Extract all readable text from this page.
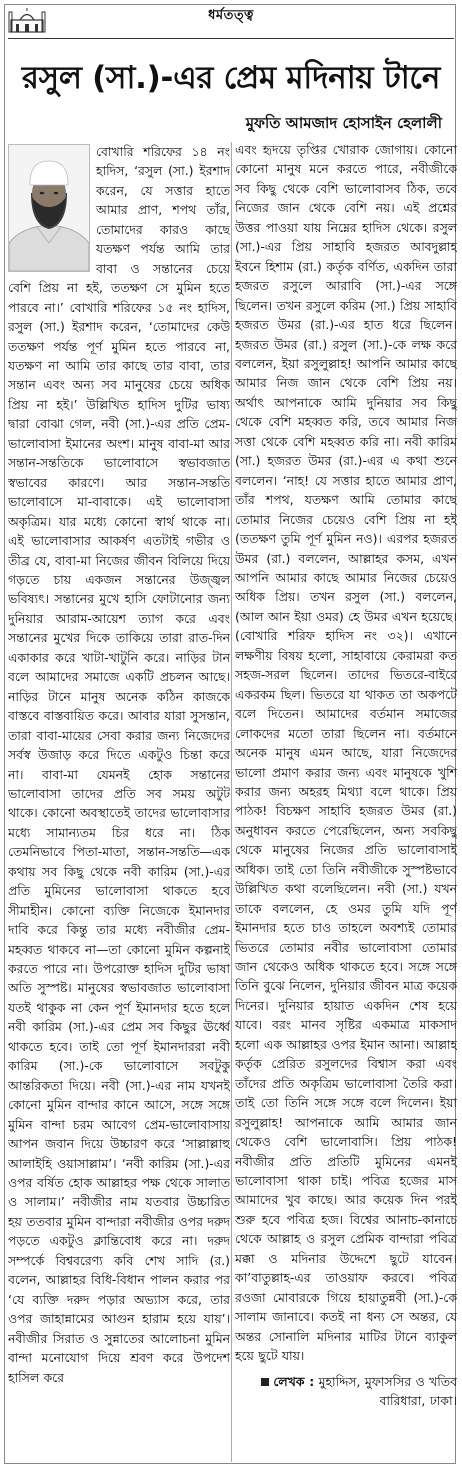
ধর্মতত্ত্ব
রসুল (সা.)-এর প্রেম মদিনায় টানে
মুফতি আমজাদ হোসাইন হেলালী

বোখারি শরিফের ১৪ নং হাদিস, ‘রসুল (সা.) ইরশাদ করেন, যে সত্তার হাতে আমার প্রাণ, শপথ তাঁর, তোমাদের কারও কাছে যতক্ষণ পর্যন্ত আমি তার বাবা ও সন্তানের চেয়ে বেশি প্রিয় না হই, ততক্ষণ সে মুমিন হতে পারবে না।’ বোখারি শরিফের ১৫ নং হাদিস, রসুল (সা.) ইরশাদ করেন, ‘তোমাদের কেউ ততক্ষণ পর্যন্ত পূর্ণ মুমিন হতে পারবে না, যতক্ষণ না আমি তার কাছে তার বাবা, তার সন্তান এবং অন্য সব মানুষের চেয়ে অধিক প্রিয় না হই।’ উল্লিখিত হাদিস দুটির ভাষ্য দ্বারা বোঝা গেল, নবী (সা.)-এর প্রতি প্রেম-ভালোবাসা ইমানের অংশ। মানুষ বাবা-মা আর সন্তান-সন্ততিকে ভালোবাসে স্বভাবজাত স্বভাবের কারণে। আর সন্তান-সন্ততি ভালোবাসে মা-বাবাকে। এই ভালোবাসা অকৃত্রিম। যার মধ্যে কোনো স্বার্থ থাকে না। এই ভালোবাসার আকর্ষণ এতটাই গভীর ও তীব্র যে, বাবা-মা নিজের জীবন বিলিয়ে দিয়ে গড়তে চায় একজন সন্তানের উজ্জ্বল ভবিষ্যৎ। সন্তানের মুখে হাসি ফোটানোর জন্য দুনিয়ার আরাম-আয়েশ ত্যাগ করে এবং সন্তানের মুখের দিকে তাকিয়ে তারা রাত-দিন একাকার করে খাটা-খাটুনি করে। নাড়ির টান বলে আমাদের সমাজে একটি প্রচলন আছে। নাড়ির টানে মানুষ অনেক কঠিন কাজকে বাস্তবে বাস্তবায়িত করে। আবার যারা সুসন্তান, তারা বাবা-মায়ের সেবা করার জন্য নিজেদের সর্বস্ব উজাড় করে দিতে একটুও চিন্তা করে না। বাবা-মা যেমনই হোক সন্তানের ভালোবাসা তাদের প্রতি সব সময় অটুট থাকে। কোনো অবস্থাতেই তাদের ভালোবাসার মধ্যে সামান্যতম চির ধরে না। ঠিক তেমনিভাবে পিতা-মাতা, সন্তান-সন্ততি—এক কথায় সব কিছু থেকে নবী কারিম (সা.)-এর প্রতি মুমিনের ভালোবাসা থাকতে হবে সীমাহীন। কোনো ব্যক্তি নিজেকে ইমানদার দাবি করে কিন্তু তার মধ্যে নবীজীর প্রেম-মহব্বত থাকবে না—তা কোনো মুমিন কল্পনাই করতে পারে না। উপরোক্ত হাদিস দুটির ভাষা অতি সুস্পষ্ট। মানুষের স্বভাবজাত ভালোবাসা যতই থাকুক না কেন পূর্ণ ইমানদার হতে হলে নবী কারিম (সা.)-এর প্রেম সব কিছুর ঊর্ধ্বে থাকতে হবে। তাই তো পূর্ণ ইমানদাররা নবী কারিম (সা.)-কে ভালোবাসে সবটুকু আন্তরিকতা দিয়ে। নবী (সা.)-এর নাম যখনই কোনো মুমিন বান্দার কানে আসে, সঙ্গে সঙ্গে মুমিন বান্দা চরম আবেগ প্রেম-ভালোবাসায় আপন জবান দিয়ে উচ্চারণ করে ‘সাল্লাল্লাহু আলাইহি ওয়াসাল্লাম’। ‘নবী কারিম (সা.)-এর ওপর বর্ষিত হোক আল্লাহর পক্ষ থেকে সালাত ও সালাম।’ নবীজীর নাম যতবার উচ্চারিত হয় ততবার মুমিন বান্দারা নবীজীর ওপর দরুদ পড়তে একটুও ক্লান্তিবোধ করে না। দরুদ সম্পর্কে বিশ্ববরেণ্য কবি শেখ সাদি (র.) বলেন, আল্লাহর বিধি-বিধান পালন করার পর ‘যে ব্যক্তি দরুদ পড়ার অভ্যাস করে, তার ওপর জাহান্নামের আগুন হারাম হয়ে যায়’। নবীজীর সিরাত ও সুন্নাতের আলোচনা মুমিন বান্দা মনোযোগ দিয়ে শ্রবণ করে উপদেশ হাসিল করে

এবং হৃদয়ে তৃপ্তির খোরাক জোগায়। কোনো কোনো মানুষ মনে করতে পারে, নবীজীকে সব কিছু থেকে বেশি ভালোবাসব ঠিক, তবে নিজের জান থেকে বেশি নয়। এই প্রশ্নের উত্তর পাওয়া যায় নিম্নের হাদিস থেকে। রসুল (সা.)-এর প্রিয় সাহাবি হজরত আবদুল্লাহ ইবনে হিশাম (রা.) কর্তৃক বর্ণিত, একদিন তারা হজরত রসুলে আরাবি (সা.)-এর সঙ্গে ছিলেন। তখন রসুলে করিম (সা.) প্রিয় সাহাবি হজরত উমর (রা.)-এর হাত ধরে ছিলেন। হজরত উমর (রা.) রসুল (সা.)-কে লক্ষ করে বললেন, ইয়া রসুলুল্লাহ! আপনি আমার কাছে আমার নিজ জান থেকে বেশি প্রিয় নয়। অর্থাৎ আপনাকে আমি দুনিয়ার সব কিছু থেকে বেশি মহব্বত করি, তবে আমার নিজ সত্তা থেকে বেশি মহব্বত করি না। নবী কারিম (সা.) হজরত উমর (রা.)-এর এ কথা শুনে বললেন। ‘নাহ! যে সত্তার হাতে আমার প্রাণ, তাঁর শপথ, যতক্ষণ আমি তোমার কাছে তোমার নিজের চেয়েও বেশি প্রিয় না হই (ততক্ষণ তুমি পূর্ণ মুমিন নও)। এরপর হজরত উমর (রা.) বললেন, আল্লাহর কসম, এখন আপনি আমার কাছে আমার নিজের চেয়েও অধিক প্রিয়। তখন রসুল (সা.) বললেন, (আল আন ইয়া ওমর) হে উমর এখন হয়েছে। (বোখারি শরিফ হাদিস নং ৩২)। এখানে লক্ষণীয় বিষয় হলো, সাহাবায়ে কেরামরা কত সহজ-সরল ছিলেন। তাদের ভিতরে-বাইরে একরকম ছিল। ভিতরে যা থাকত তা অকপটে বলে দিতেন। আমাদের বর্তমান সমাজের লোকদের মতো তারা ছিলেন না। বর্তমানে অনেক মানুষ এমন আছে, যারা নিজেদের ভালো প্রমাণ করার জন্য এবং মানুষকে খুশি করার জন্য অহরহ মিথ্যা বলে থাকে। প্রিয় পাঠক! বিচক্ষণ সাহাবি হজরত উমর (রা.) অনুধাবন করতে পেরেছিলেন, অন্য সবকিছু থেকে মানুষের নিজের প্রতি ভালোবাসাই অধিক। তাই তো তিনি নবীজীকে সুস্পষ্টভাবে উল্লিখিত কথা বলেছিলেন। নবী (সা.) যখন তাকে বললেন, হে ওমর তুমি যদি পূর্ণ ইমানদার হতে চাও তাহলে অবশ্যই তোমার ভিতরে তোমার নবীর ভালোবাসা তোমার জান থেকেও অধিক থাকতে হবে। সঙ্গে সঙ্গে তিনি বুঝে নিলেন, দুনিয়ার জীবন মাত্র কয়েক দিনের। দুনিয়ার হায়াত একদিন শেষ হয়ে যাবে। বরং মানব সৃষ্টির একমাত্র মাকসাদ হলো এক আল্লাহর ওপর ইমান আনা। আল্লাহ কর্তৃক প্রেরিত রসুলদের বিশ্বাস করা এবং তাঁদের প্রতি অকৃত্রিম ভালোবাসা তৈরি করা। তাই তো তিনি সঙ্গে সঙ্গে বলে দিলেন। ইয়া রসুলুল্লাহ! আপনাকে আমি আমার জান থেকেও বেশি ভালোবাসি। প্রিয় পাঠক! নবীজীর প্রতি প্রতিটি মুমিনের এমনই ভালোবাসা থাকা চাই। পবিত্র হজের মাস আমাদের খুব কাছে। আর কয়েক দিন পরই শুরু হবে পবিত্র হজ। বিশ্বের আনাচ-কানাচে থেকে আল্লাহ ও রসুল প্রেমিক বান্দারা পবিত্র মক্কা ও মদিনার উদ্দেশে ছুটে যাবেন। কা’বাতুল্লাহ-এর তাওয়াফ করবে। পবিত্র রওজা মোবারকে গিয়ে হায়াতুন্নবী (সা.)-কে সালাম জানাবে। কতই না ধন্য সে অন্তর, যে অন্তর সোনালি মদিনার মাটির টানে ব্যাকুল হয়ে ছুটে যায়।

লেখক : মুহাদ্দিস, মুফাসসির ও খতিব বারিধারা, ঢাকা।
